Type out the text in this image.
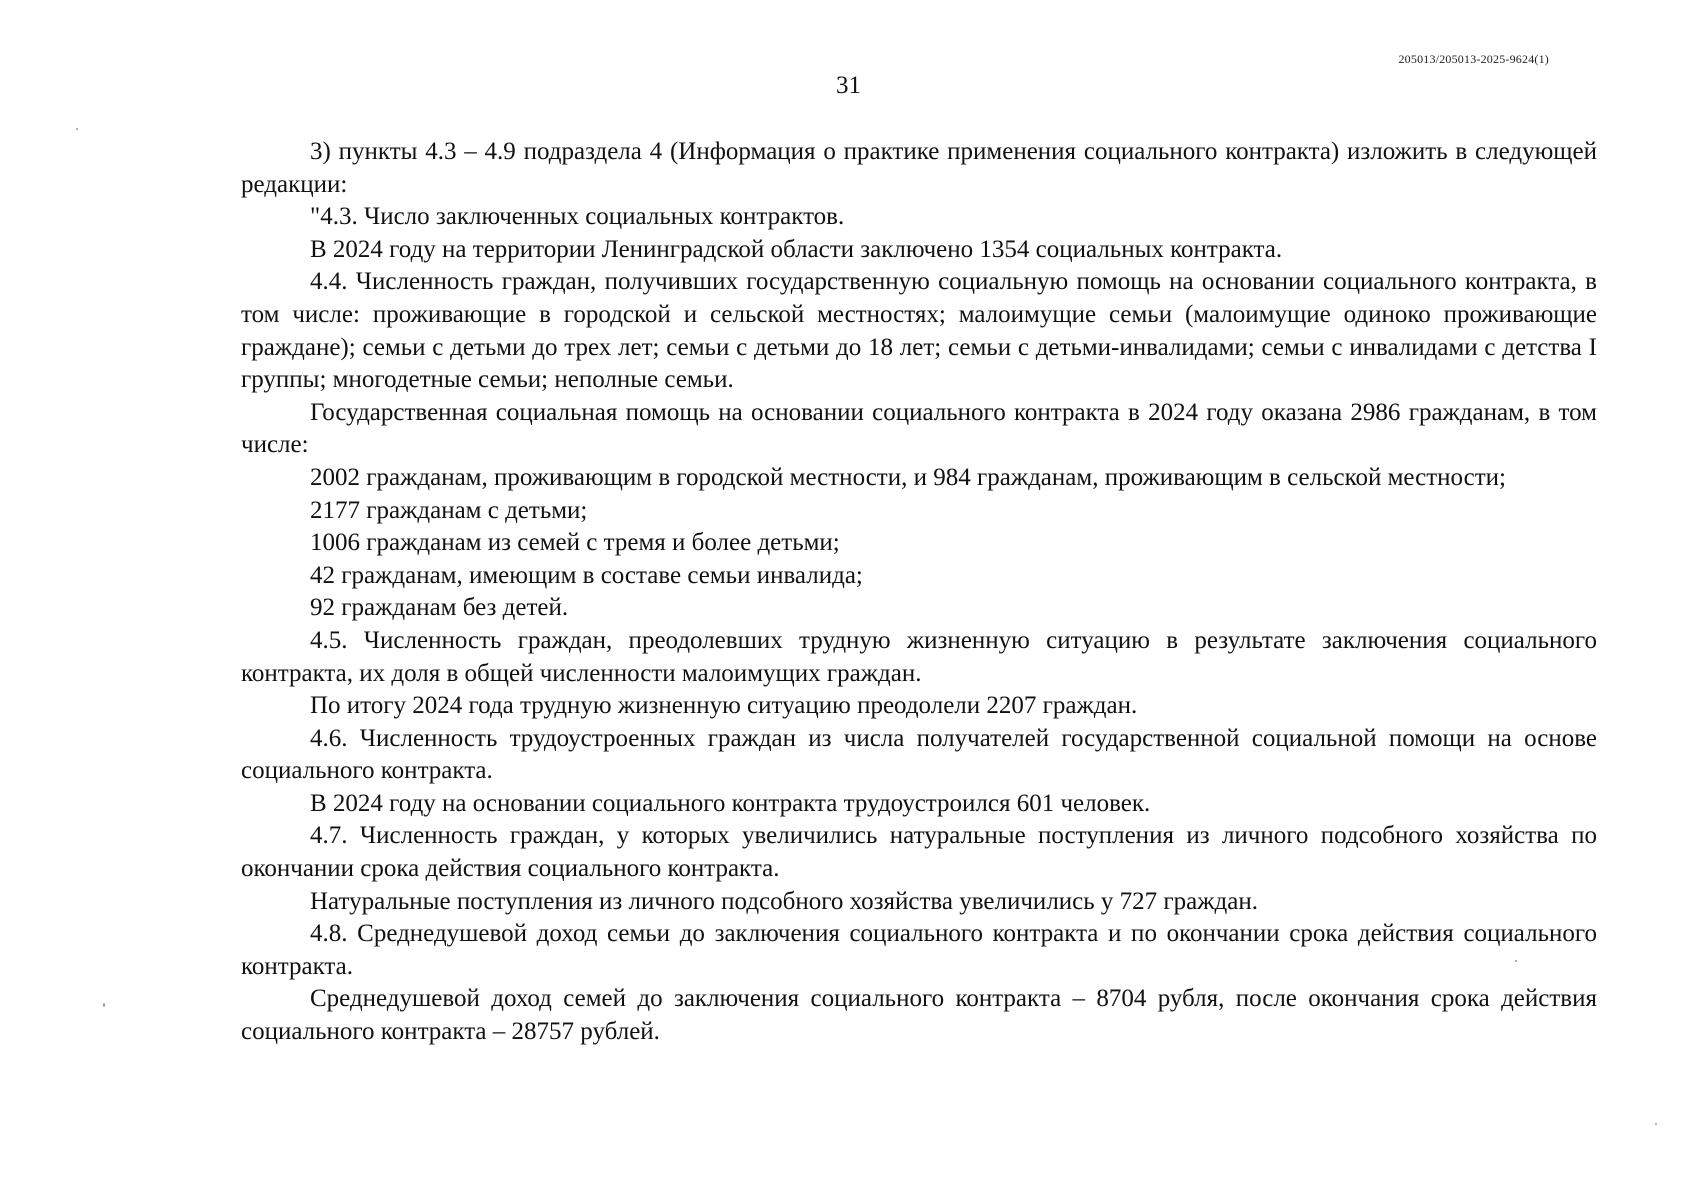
205013/205013-2025-9624(1)
31

3) пункты 4.3 – 4.9 подраздела 4 (Информация о практике применения социального контракта) изложить в следующей редакции:

"4.3. Число заключенных социальных контрактов.

В 2024 году на территории Ленинградской области заключено 1354 социальных контракта.

4.4. Численность граждан, получивших государственную социальную помощь на основании социального контракта, в том числе: проживающие в городской и сельской местностях; малоимущие семьи (малоимущие одиноко проживающие граждане); семьи с детьми до трех лет; семьи с детьми до 18 лет; семьи с детьми-инвалидами; семьи с инвалидами с детства I группы; многодетные семьи; неполные семьи.

Государственная социальная помощь на основании социального контракта в 2024 году оказана 2986 гражданам, в том числе:

2002 гражданам, проживающим в городской местности, и 984 гражданам, проживающим в сельской местности;

2177 гражданам с детьми;

1006 гражданам из семей с тремя и более детьми;

42 гражданам, имеющим в составе семьи инвалида;

92 гражданам без детей.

4.5. Численность граждан, преодолевших трудную жизненную ситуацию в результате заключения социального контракта, их доля в общей численности малоимущих граждан.

По итогу 2024 года трудную жизненную ситуацию преодолели 2207 граждан.

4.6. Численность трудоустроенных граждан из числа получателей государственной социальной помощи на основе социального контракта.

В 2024 году на основании социального контракта трудоустроился 601 человек.

4.7. Численность граждан, у которых увеличились натуральные поступления из личного подсобного хозяйства по окончании срока действия социального контракта.

Натуральные поступления из личного подсобного хозяйства увеличились у 727 граждан.

4.8. Среднедушевой доход семьи до заключения социального контракта и по окончании срока действия социального контракта.

Среднедушевой доход семей до заключения социального контракта – 8704 рубля, после окончания срока действия социального контракта – 28757 рублей.
